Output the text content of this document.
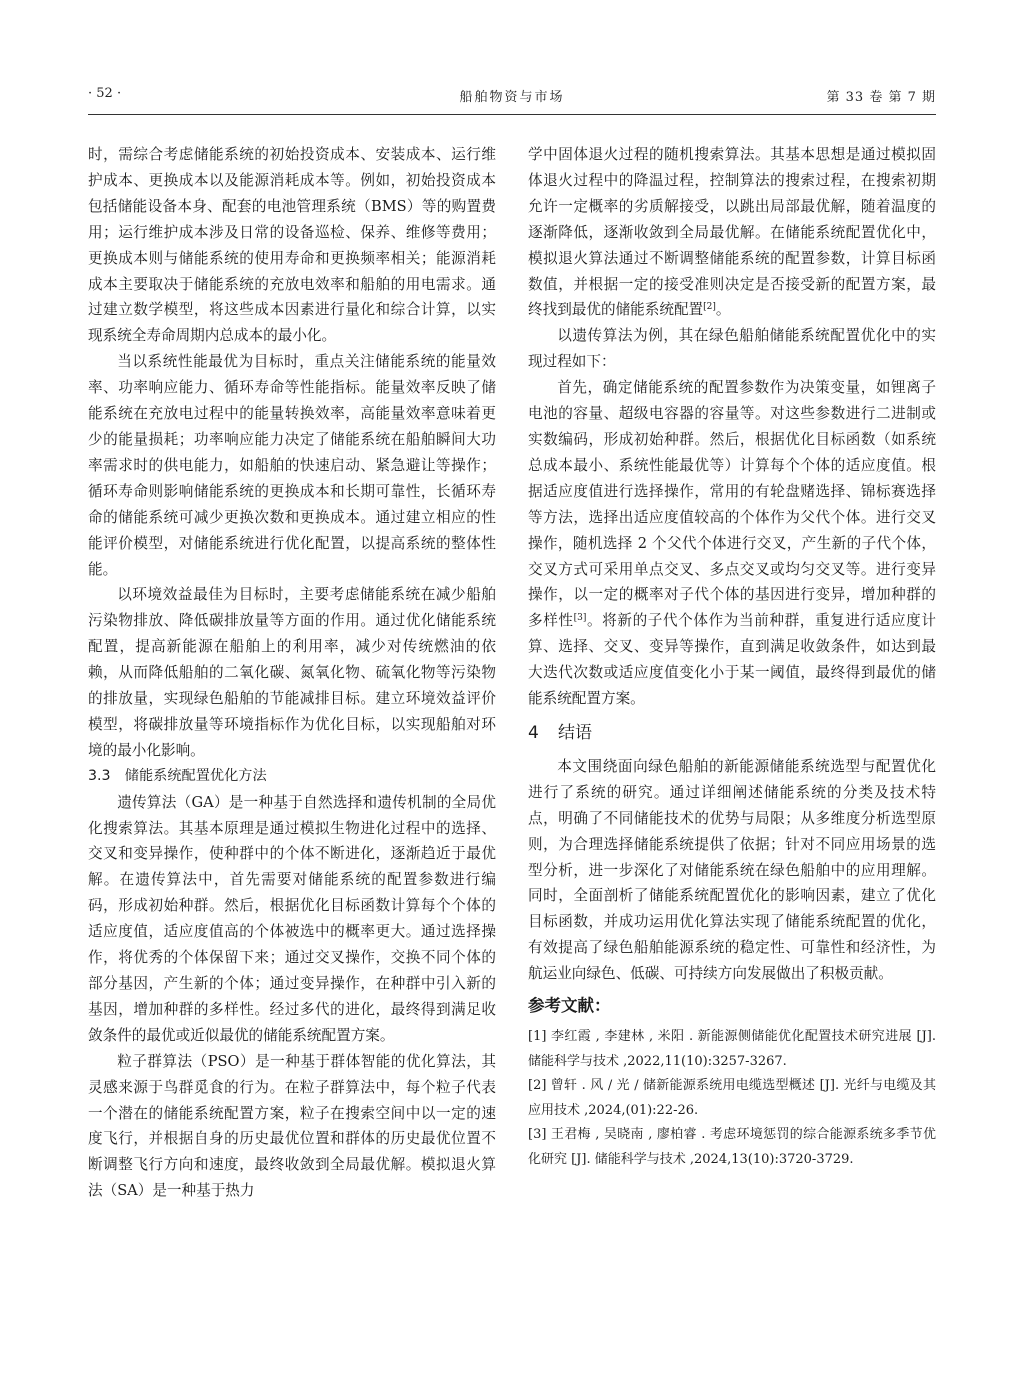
· 52 ·	船舶物资与市场	第 33 卷 第 7 期

时，需综合考虑储能系统的初始投资成本、安装成本、运行维护成本、更换成本以及能源消耗成本等。例如，初始投资成本包括储能设备本身、配套的电池管理系统（BMS）等的购置费用；运行维护成本涉及日常的设备巡检、保养、维修等费用；更换成本则与储能系统的使用寿命和更换频率相关；能源消耗成本主要取决于储能系统的充放电效率和船舶的用电需求。通过建立数学模型，将这些成本因素进行量化和综合计算，以实现系统全寿命周期内总成本的最小化。

当以系统性能最优为目标时，重点关注储能系统的能量效率、功率响应能力、循环寿命等性能指标。能量效率反映了储能系统在充放电过程中的能量转换效率，高能量效率意味着更少的能量损耗；功率响应能力决定了储能系统在船舶瞬间大功率需求时的供电能力，如船舶的快速启动、紧急避让等操作；循环寿命则影响储能系统的更换成本和长期可靠性，长循环寿命的储能系统可减少更换次数和更换成本。通过建立相应的性能评价模型，对储能系统进行优化配置，以提高系统的整体性能。

以环境效益最佳为目标时，主要考虑储能系统在减少船舶污染物排放、降低碳排放量等方面的作用。通过优化储能系统配置，提高新能源在船舶上的利用率，减少对传统燃油的依赖，从而降低船舶的二氧化碳、氮氧化物、硫氧化物等污染物的排放量，实现绿色船舶的节能减排目标。建立环境效益评价模型，将碳排放量等环境指标作为优化目标，以实现船舶对环境的最小化影响。

3.3　储能系统配置优化方法

遗传算法（GA）是一种基于自然选择和遗传机制的全局优化搜索算法。其基本原理是通过模拟生物进化过程中的选择、交叉和变异操作，使种群中的个体不断进化，逐渐趋近于最优解。在遗传算法中，首先需要对储能系统的配置参数进行编码，形成初始种群。然后，根据优化目标函数计算每个个体的适应度值，适应度值高的个体被选中的概率更大。通过选择操作，将优秀的个体保留下来；通过交叉操作，交换不同个体的部分基因，产生新的个体；通过变异操作，在种群中引入新的基因，增加种群的多样性。经过多代的进化，最终得到满足收敛条件的最优或近似最优的储能系统配置方案。

粒子群算法（PSO）是一种基于群体智能的优化算法，其灵感来源于鸟群觅食的行为。在粒子群算法中，每个粒子代表一个潜在的储能系统配置方案，粒子在搜索空间中以一定的速度飞行，并根据自身的历史最优位置和群体的历史最优位置不断调整飞行方向和速度，最终收敛到全局最优解。模拟退火算法（SA）是一种基于热力

学中固体退火过程的随机搜索算法。其基本思想是通过模拟固体退火过程中的降温过程，控制算法的搜索过程，在搜索初期允许一定概率的劣质解接受，以跳出局部最优解，随着温度的逐渐降低，逐渐收敛到全局最优解。在储能系统配置优化中，模拟退火算法通过不断调整储能系统的配置参数，计算目标函数值，并根据一定的接受准则决定是否接受新的配置方案，最终找到最优的储能系统配置[2]。

以遗传算法为例，其在绿色船舶储能系统配置优化中的实现过程如下：

首先，确定储能系统的配置参数作为决策变量，如锂离子电池的容量、超级电容器的容量等。对这些参数进行二进制或实数编码，形成初始种群。然后，根据优化目标函数（如系统总成本最小、系统性能最优等）计算每个个体的适应度值。根据适应度值进行选择操作，常用的有轮盘赌选择、锦标赛选择等方法，选择出适应度值较高的个体作为父代个体。进行交叉操作，随机选择 2 个父代个体进行交叉，产生新的子代个体，交叉方式可采用单点交叉、多点交叉或均匀交叉等。进行变异操作，以一定的概率对子代个体的基因进行变异，增加种群的多样性[3]。将新的子代个体作为当前种群，重复进行适应度计算、选择、交叉、变异等操作，直到满足收敛条件，如达到最大迭代次数或适应度值变化小于某一阈值，最终得到最优的储能系统配置方案。

4 结语

本文围绕面向绿色船舶的新能源储能系统选型与配置优化进行了系统的研究。通过详细阐述储能系统的分类及技术特点，明确了不同储能技术的优势与局限；从多维度分析选型原则，为合理选择储能系统提供了依据；针对不同应用场景的选型分析，进一步深化了对储能系统在绿色船舶中的应用理解。同时，全面剖析了储能系统配置优化的影响因素，建立了优化目标函数，并成功运用优化算法实现了储能系统配置的优化，有效提高了绿色船舶能源系统的稳定性、可靠性和经济性，为航运业向绿色、低碳、可持续方向发展做出了积极贡献。

参考文献：

[1] 李红霞 , 李建林 , 米阳 . 新能源侧储能优化配置技术研究进展 [J]. 储能科学与技术 ,2022,11(10):3257-3267.

[2] 曾轩 . 风 / 光 / 储新能源系统用电缆选型概述 [J]. 光纤与电缆及其应用技术 ,2024,(01):22-26.

[3] 王君梅 , 吴晓南 , 廖柏睿 . 考虑环境惩罚的综合能源系统多季节优化研究 [J]. 储能科学与技术 ,2024,13(10):3720-3729.
